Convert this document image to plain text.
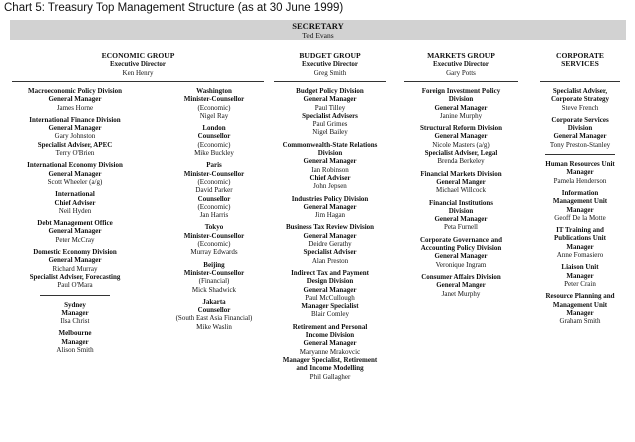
Chart 5: Treasury Top Management Structure (as at 30 June 1999)
SECRETARY
Ted Evans
ECONOMIC GROUP
Executive Director
Ken Henry
Macroeconomic Policy Division
General Manager
James Horne
International Finance Division
General Manager
Gary Johnston
Specialist Adviser, APEC
Terry O'Brien
International Economy Division
General Manager
Scott Wheeler (a/g)
International
Chief Adviser
Neil Hyden
Debt Management Office
General Manager
Peter McCray
Domestic Economy Division
General Manager
Richard Murray
Specialist Adviser, Forecasting
Paul O'Mara
Sydney
Manager
Ilsa Christ
Melbourne
Manager
Alison Smith
Washington
Minister-Counsellor
(Economic)
Nigel Ray
London
Counsellor
(Economic)
Mike Buckley
Paris
Minister-Counsellor
(Economic)
David Parker
Counsellor
(Economic)
Jan Harris
Tokyo
Minister-Counsellor
(Economic)
Murray Edwards
Beijing
Minister-Counsellor
(Financial)
Mick Shadwick
Jakarta
Counsellor
(South East Asia Financial)
Mike Waslin
BUDGET GROUP
Executive Director
Greg Smith
Budget Policy Division
General Manager
Paul Tilley
Specialist Advisers
Paul Grimes
Nigel Bailey
Commonwealth-State Relations
Division
General Manager
Ian Robinson
Chief Adviser
John Jepsen
Industries Policy Division
General Manager
Jim Hagan
Business Tax Review Division
General Manager
Deidre Gerathy
Specialist Adviser
Alan Preston
Indirect Tax and Payment
Design Division
General Manager
Paul McCullough
Manager Specialist
Blair Comley
Retirement and Personal
Income Division
General Manager
Maryanne Mrakovcic
Manager Specialist, Retirement
and Income Modelling
Phil Gallagher
MARKETS GROUP
Executive Director
Gary Potts
Foreign Investment Policy
Division
General Manager
Janine Murphy
Structural Reform Division
General Manager
Nicole Masters (a/g)
Specialist Adviser, Legal
Brenda Berkeley
Financial Markets Division
General Manger
Michael Willcock
Financial Institutions
Division
General Manager
Peta Furnell
Corporate Governance and
Accounting Policy Division
General Manager
Veronique Ingram
Consumer Affairs Division
General Manger
Janet Murphy
CORPORATE
SERVICES
Specialist Adviser,
Corporate Strategy
Steve French
Corporate Services
Division
General Manager
Tony Preston-Stanley
Human Resources Unit
Manager
Pamela Henderson
Information
Management Unit
Manager
Geoff De la Motte
IT Training and
Publications Unit
Manager
Anne Fomasiero
Liaison Unit
Manager
Peter Crain
Resource Planning and
Management Unit
Manager
Graham Smith
